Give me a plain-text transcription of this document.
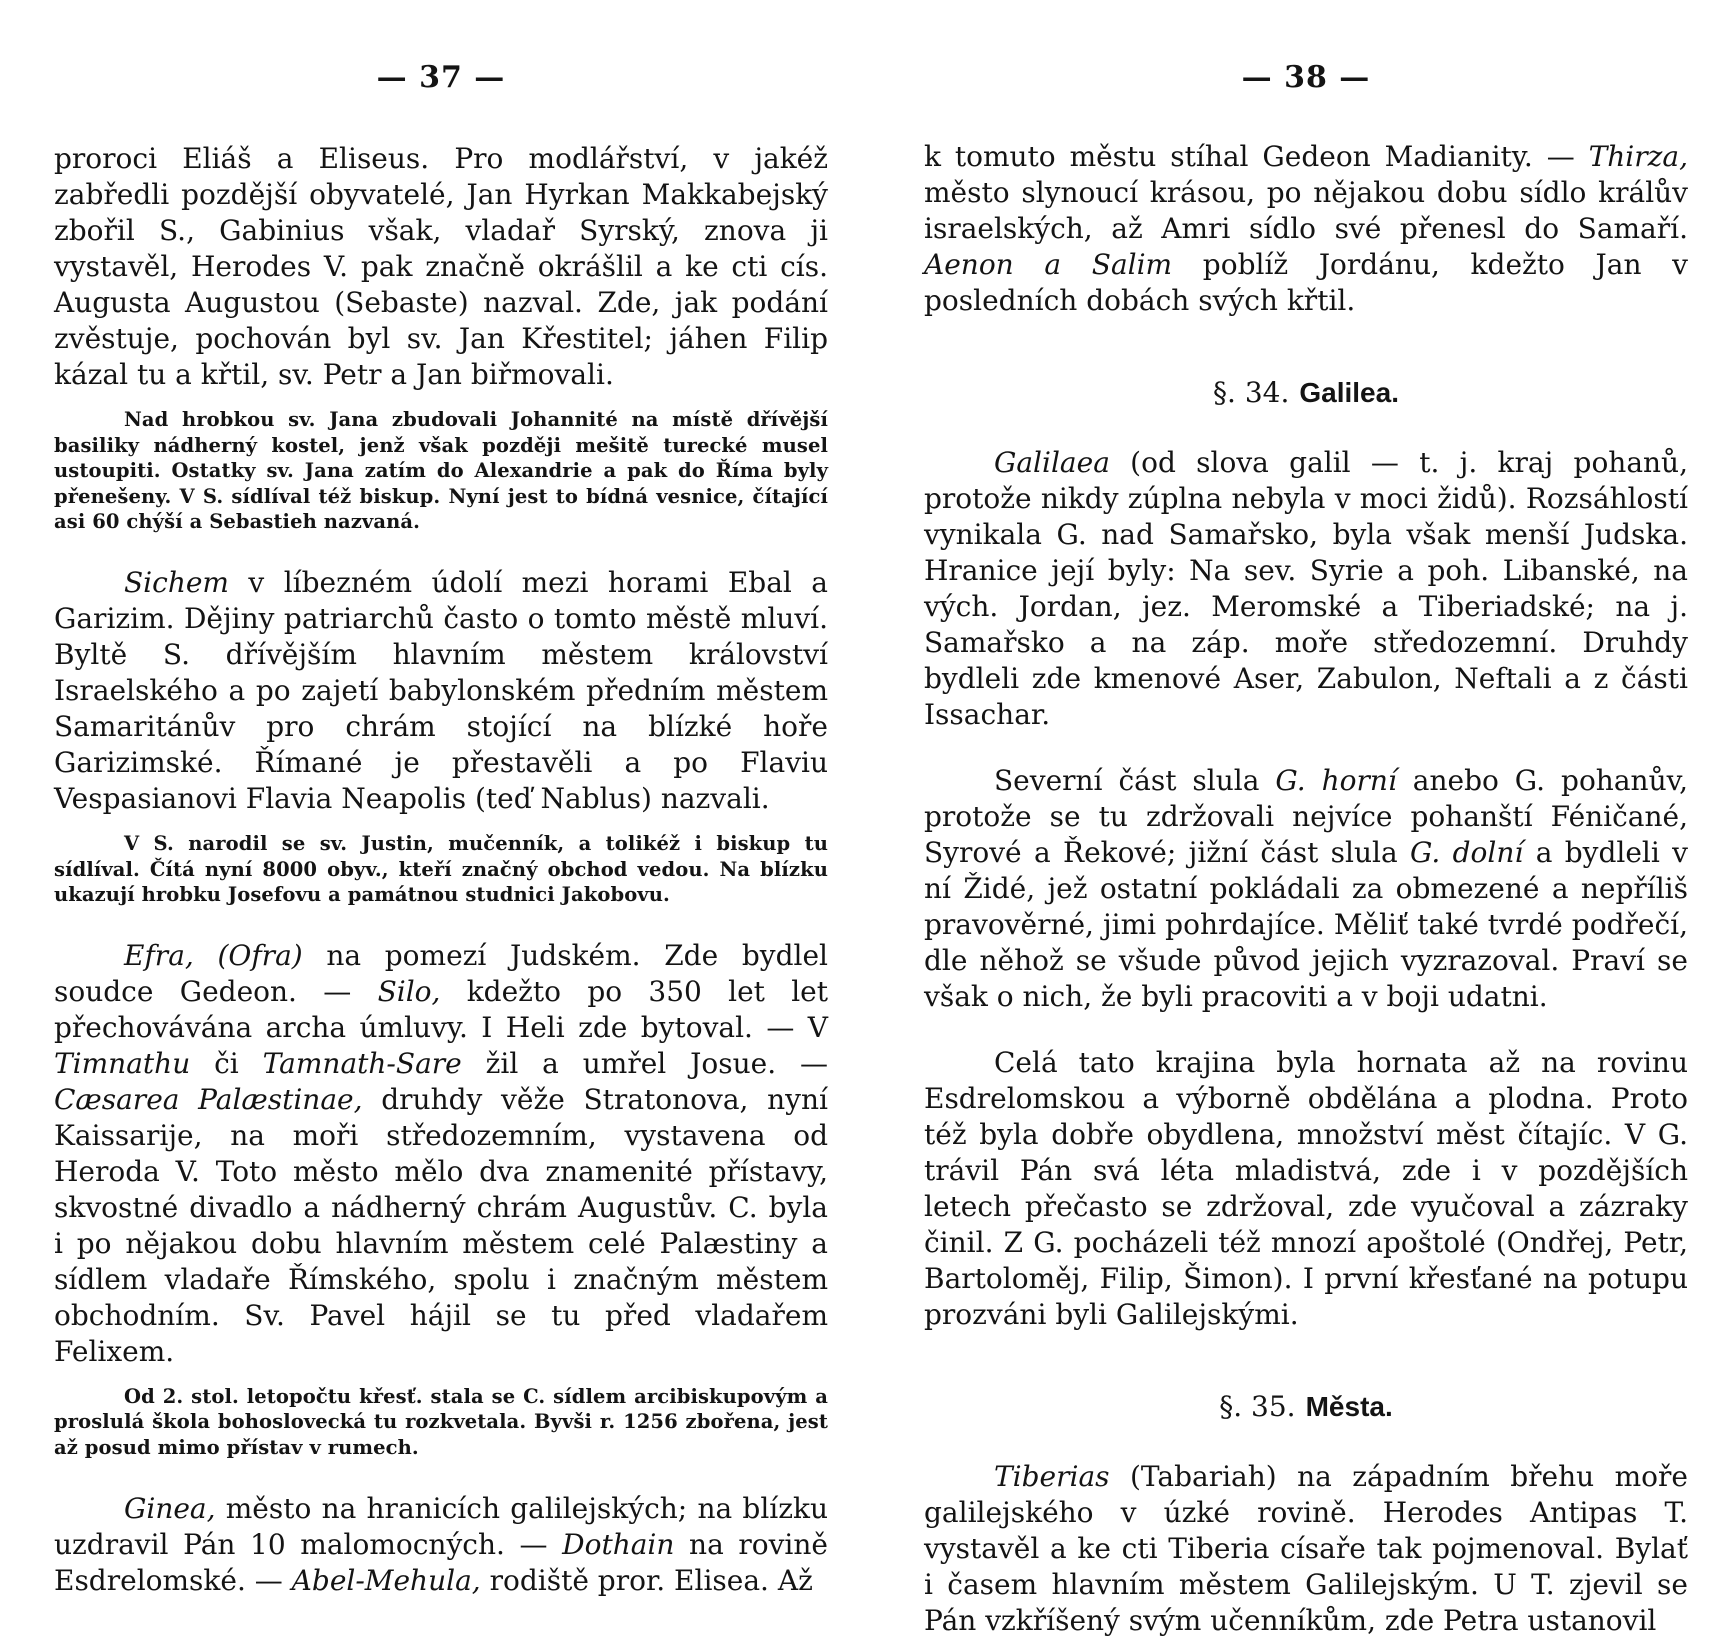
— 37 —

proroci Eliáš a Eliseus. Pro modlářství, v jakéž zabředli pozdější obyvatelé, Jan Hyrkan Makkabejský zbořil S., Gabinius však, vladař Syrský, znova ji vystavěl, Herodes V. pak značně okrášlil a ke cti cís. Augusta Augustou (Sebaste) nazval. Zde, jak podání zvěstuje, pochován byl sv. Jan Křestitel; jáhen Filip kázal tu a křtil, sv. Petr a Jan biřmovali.

Nad hrobkou sv. Jana zbudovali Johannité na místě dřívější basiliky nádherný kostel, jenž však později mešitě turecké musel ustoupiti. Ostatky sv. Jana zatím do Alexandrie a pak do Říma byly přenešeny. V S. sídlíval též biskup. Nyní jest to bídná vesnice, čítající asi 60 chýší a Sebastieh nazvaná.

Sichem v líbezném údolí mezi horami Ebal a Garizim. Dějiny patriarchů často o tomto městě mluví. Byltě S. dřívějším hlavním městem království Israelského a po zajetí babylonském předním městem Samaritánův pro chrám stojící na blízké hoře Garizimské. Římané je přestavěli a po Flaviu Vespasianovi Flavia Neapolis (teď Nablus) nazvali.

V S. narodil se sv. Justin, mučenník, a tolikéž i biskup tu sídlíval. Čítá nyní 8000 obyv., kteří značný obchod vedou. Na blízku ukazují hrobku Josefovu a památnou studnici Jakobovu.

Efra, (Ofra) na pomezí Judském. Zde bydlel soudce Gedeon. — Silo, kdežto po 350 let let přechovávána archa úmluvy. I Heli zde bytoval. — V Timnathu či Tamnath-Sare žil a umřel Josue. — Cæsarea Palæstinae, druhdy věže Stratonova, nyní Kaissarije, na moři středozemním, vystavena od Heroda V. Toto město mělo dva znamenité přístavy, skvostné divadlo a nádherný chrám Augustův. C. byla i po nějakou dobu hlavním městem celé Palæstiny a sídlem vladaře Římského, spolu i značným městem obchodním. Sv. Pavel hájil se tu před vladařem Felixem.

Od 2. stol. letopočtu křesť. stala se C. sídlem arcibiskupovým a proslulá škola bohoslovecká tu rozkvetala. Byvši r. 1256 zbořena, jest až posud mimo přístav v rumech.

Ginea, město na hranicích galilejských; na blízku uzdravil Pán 10 malomocných. — Dothain na rovině Esdrelomské. — Abel-Mehula, rodiště pror. Elisea. Až

— 38 —

k tomuto městu stíhal Gedeon Madianity. — Thirza, město slynoucí krásou, po nějakou dobu sídlo králův israelských, až Amri sídlo své přenesl do Samaří. Aenon a Salim poblíž Jordánu, kdežto Jan v posledních dobách svých křtil.

§. 34. Galilea.

Galilaea (od slova galil — t. j. kraj pohanů, protože nikdy zúplna nebyla v moci židů). Rozsáhlostí vynikala G. nad Samařsko, byla však menší Judska. Hranice její byly: Na sev. Syrie a poh. Libanské, na vých. Jordan, jez. Meromské a Tiberiadské; na j. Samařsko a na záp. moře středozemní. Druhdy bydleli zde kmenové Aser, Zabulon, Neftali a z části Issachar.

Severní část slula G. horní anebo G. pohanův, protože se tu zdržovali nejvíce pohanští Féničané, Syrové a Řekové; jižní část slula G. dolní a bydleli v ní Židé, jež ostatní pokládali za obmezené a nepříliš pravověrné, jimi pohrdajíce. Měliť také tvrdé podřečí, dle něhož se všude původ jejich vyzrazoval. Praví se však o nich, že byli pracoviti a v boji udatni.

Celá tato krajina byla hornata až na rovinu Esdrelomskou a výborně obdělána a plodna. Proto též byla dobře obydlena, množství měst čítajíc. V G. trávil Pán svá léta mladistvá, zde i v pozdějších letech přečasto se zdržoval, zde vyučoval a zázraky činil. Z G. pocházeli též mnozí apoštolé (Ondřej, Petr, Bartoloměj, Filip, Šimon). I první křesťané na potupu prozváni byli Galilejskými.

§. 35. Města.

Tiberias (Tabariah) na západním břehu moře galilejského v úzké rovině. Herodes Antipas T. vystavěl a ke cti Tiberia císaře tak pojmenoval. Bylať i časem hlavním městem Galilejským. U T. zjevil se Pán vzkříšený svým učenníkům, zde Petra ustanovil
